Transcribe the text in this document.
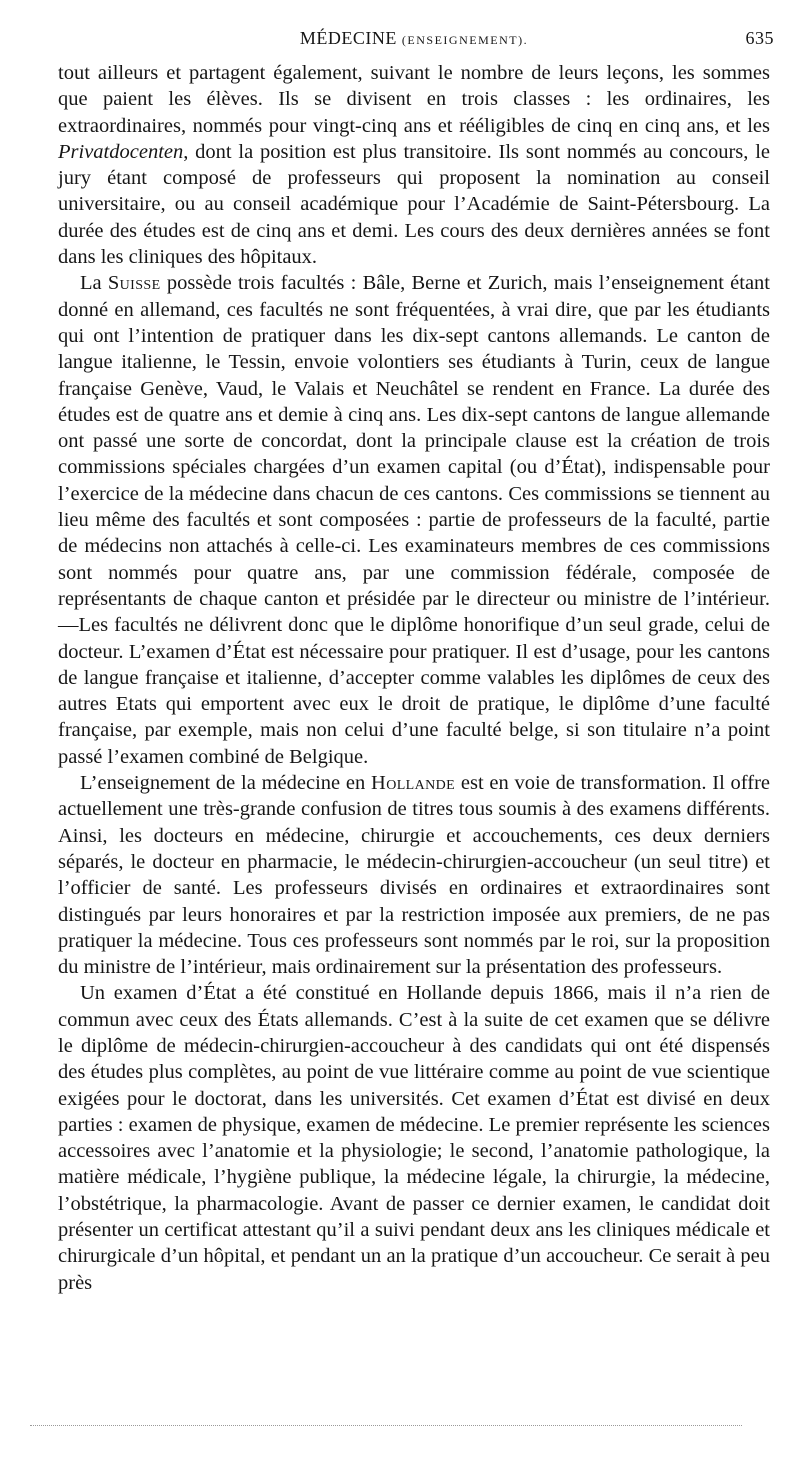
MÉDECINE (ENSEIGNEMENT).	635

tout ailleurs et partagent également, suivant le nombre de leurs leçons, les sommes que paient les élèves. Ils se divisent en trois classes : les ordinaires, les extraordinaires, nommés pour vingt-cinq ans et rééligibles de cinq en cinq ans, et les Privatdocenten, dont la position est plus transitoire. Ils sont nommés au concours, le jury étant composé de professeurs qui proposent la nomination au conseil universitaire, ou au conseil académique pour l’Académie de Saint-Pétersbourg. La durée des études est de cinq ans et demi. Les cours des deux dernières années se font dans les cliniques des hôpitaux.

La Suisse possède trois facultés : Bâle, Berne et Zurich, mais l’enseignement étant donné en allemand, ces facultés ne sont fréquentées, à vrai dire, que par les étudiants qui ont l’intention de pratiquer dans les dix-sept cantons allemands. Le canton de langue italienne, le Tessin, envoie volontiers ses étudiants à Turin, ceux de langue française Genève, Vaud, le Valais et Neuchâtel se rendent en France. La durée des études est de quatre ans et demie à cinq ans. Les dix-sept cantons de langue allemande ont passé une sorte de concordat, dont la principale clause est la création de trois commissions spéciales chargées d’un examen capital (ou d’État), indispensable pour l’exercice de la médecine dans chacun de ces cantons. Ces commissions se tiennent au lieu même des facultés et sont composées : partie de professeurs de la faculté, partie de médecins non attachés à celle-ci. Les examinateurs membres de ces commissions sont nommés pour quatre ans, par une commission fédérale, composée de représentants de chaque canton et présidée par le directeur ou ministre de l’intérieur. —Les facultés ne délivrent donc que le diplôme honorifique d’un seul grade, celui de docteur. L’examen d’État est nécessaire pour pratiquer. Il est d’usage, pour les cantons de langue française et italienne, d’accepter comme valables les diplômes de ceux des autres Etats qui emportent avec eux le droit de pratique, le diplôme d’une faculté française, par exemple, mais non celui d’une faculté belge, si son titulaire n’a point passé l’examen combiné de Belgique.

L’enseignement de la médecine en Hollande est en voie de transformation. Il offre actuellement une très-grande confusion de titres tous soumis à des examens différents. Ainsi, les docteurs en médecine, chirurgie et accouchements, ces deux derniers séparés, le docteur en pharmacie, le médecin-chirurgien-accoucheur (un seul titre) et l’officier de santé. Les professeurs divisés en ordinaires et extraordinaires sont distingués par leurs honoraires et par la restriction imposée aux premiers, de ne pas pratiquer la médecine. Tous ces professeurs sont nommés par le roi, sur la proposition du ministre de l’intérieur, mais ordinairement sur la présentation des professeurs.

Un examen d’État a été constitué en Hollande depuis 1866, mais il n’a rien de commun avec ceux des États allemands. C’est à la suite de cet examen que se délivre le diplôme de médecin-chirurgien-accoucheur à des candidats qui ont été dispensés des études plus complètes, au point de vue littéraire comme au point de vue scientique exigées pour le doctorat, dans les universités. Cet examen d’État est divisé en deux parties : examen de physique, examen de médecine. Le premier représente les sciences accessoires avec l’anatomie et la physiologie; le second, l’anatomie pathologique, la matière médicale, l’hygiène publique, la médecine légale, la chirurgie, la médecine, l’obstétrique, la pharmacologie. Avant de passer ce dernier examen, le candidat doit présenter un certificat attestant qu’il a suivi pendant deux ans les cliniques médicale et chirurgicale d’un hôpital, et pendant un an la pratique d’un accoucheur. Ce serait à peu près
